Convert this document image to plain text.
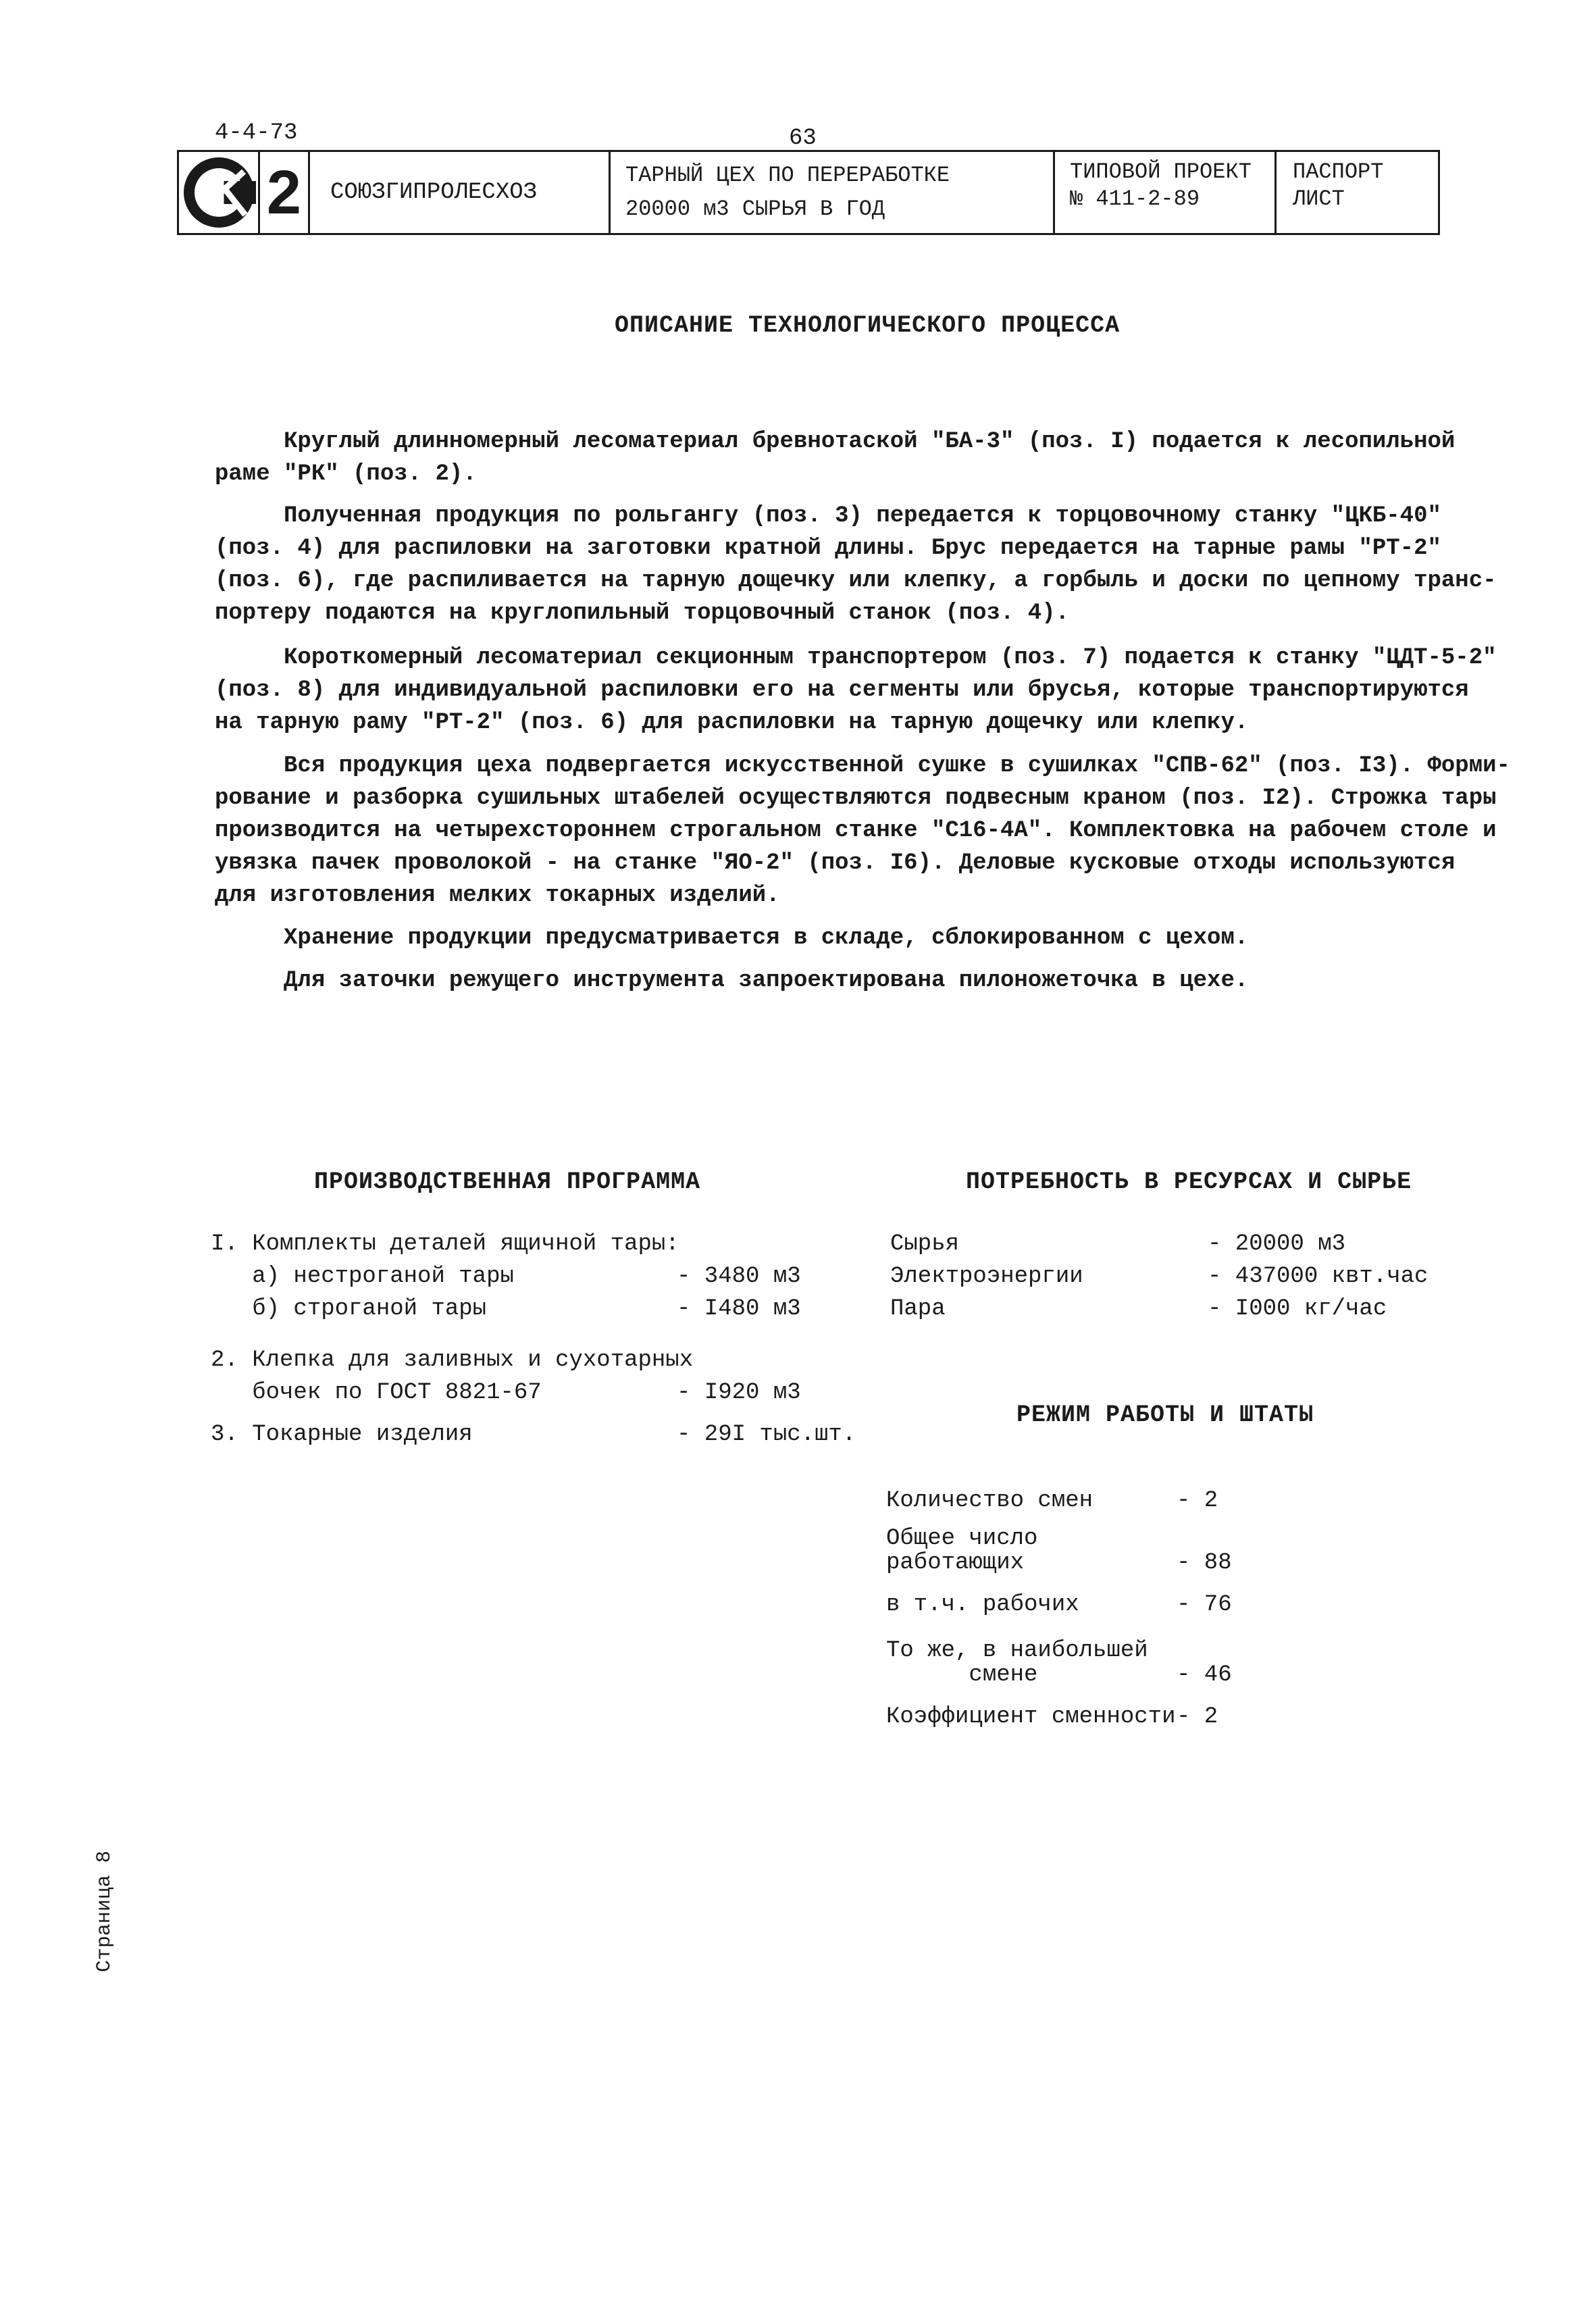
4-4-73	63
2	СОЮЗГИПРОЛЕСХОЗ
ТАРНЫЙ ЦЕХ ПО ПЕРЕРАБОТКЕ
20000 м3 СЫРЬЯ В ГОД
ТИПОВОЙ ПРОЕКТ
№ 411-2-89
ПАСПОРТ
ЛИСТ
ОПИСАНИЕ ТЕХНОЛОГИЧЕСКОГО ПРОЦЕССА
Круглый длинномерный лесоматериал бревнотаской "БА-3" (поз. I) подается к лесопильной
раме "РК" (поз. 2).
Полученная продукция по рольгангу (поз. 3) передается к торцовочному станку "ЦКБ-40"
(поз. 4) для распиловки на заготовки кратной длины. Брус передается на тарные рамы "РТ-2"
(поз. 6), где распиливается на тарную дощечку или клепку, а горбыль и доски по цепному транс-
портеру подаются на круглопильный торцовочный станок (поз. 4).
Короткомерный лесоматериал секционным транспортером (поз. 7) подается к станку "ЦДТ-5-2"
(поз. 8) для индивидуальной распиловки его на сегменты или брусья, которые транспортируются
на тарную раму "РТ-2" (поз. 6) для распиловки на тарную дощечку или клепку.
Вся продукция цеха подвергается искусственной сушке в сушилках "СПВ-62" (поз. I3). Форми-
рование и разборка сушильных штабелей осуществляются подвесным краном (поз. I2). Строжка тары
производится на четырехстороннем строгальном станке "С16-4А". Комплектовка на рабочем столе и
увязка пачек проволокой - на станке "ЯО-2" (поз. I6). Деловые кусковые отходы используются
для изготовления мелких токарных изделий.
Хранение продукции предусматривается в складе, сблокированном с цехом.
Для заточки режущего инструмента запроектирована пилоножеточка в цехе.
ПРОИЗВОДСТВЕННАЯ ПРОГРАММА	ПОТРЕБНОСТЬ В РЕСУРСАХ И СЫРЬЕ
I. Комплекты деталей ящичной тары:
а) нестроганой тары	- 3480 м3
б) строганой тары	- I480 м3
2. Клепка для заливных и сухотарных
бочек по ГОСТ 8821-67	- I920 м3
3. Токарные изделия	- 29I тыс.шт.
Сырья	- 20000 м3
Электроэнергии	- 437000 квт.час
Пара	- I000 кг/час
РЕЖИМ РАБОТЫ И ШТАТЫ
Количество смен	- 2
Общее число
работающих	- 88
в т.ч. рабочих	- 76
То же, в наибольшей
смене	- 46
Коэффициент сменности - 2
Страница 8
